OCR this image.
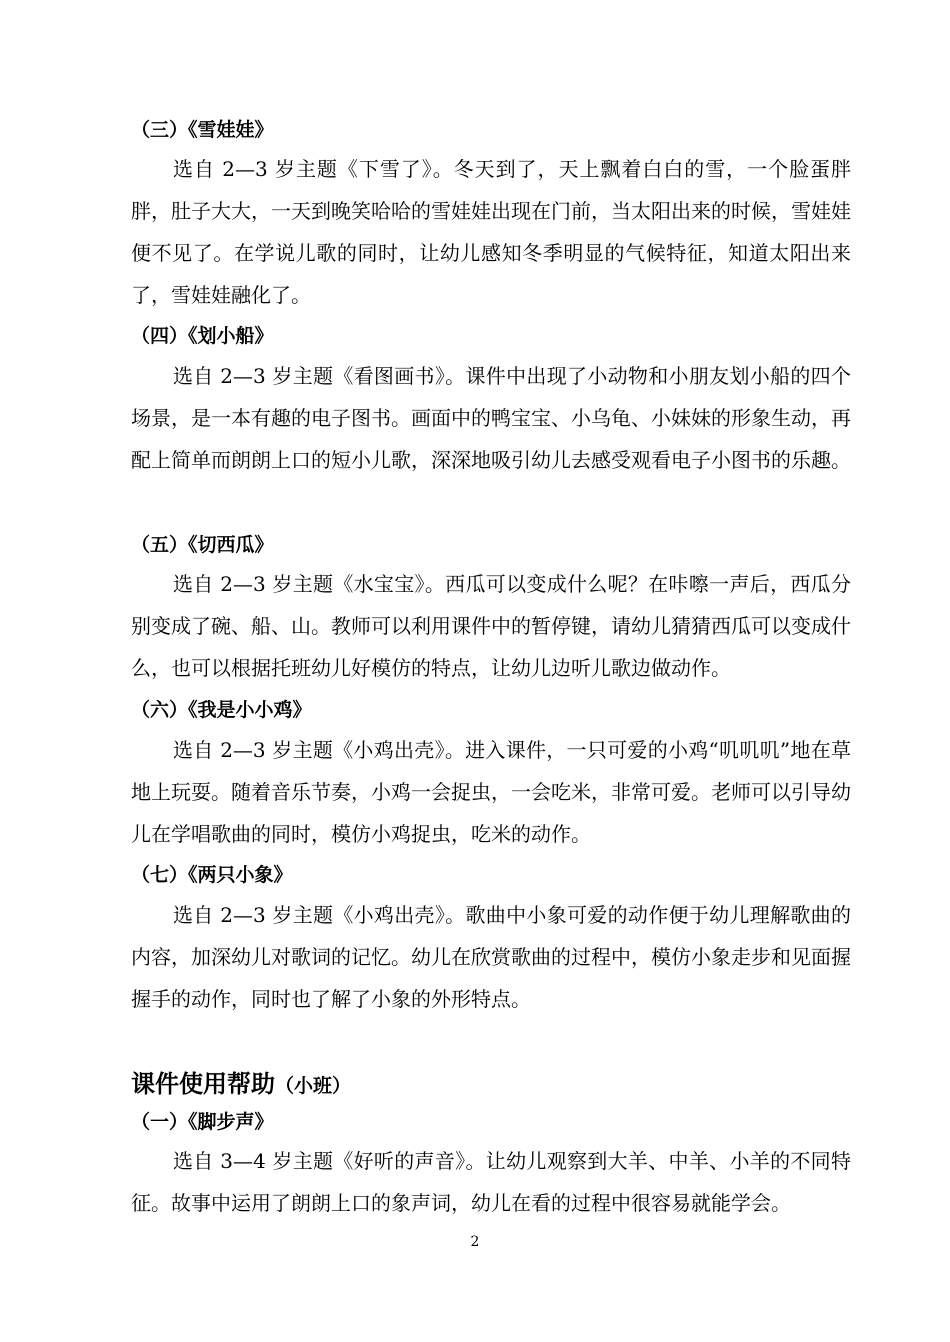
（三）《雪娃娃》
选自 2—3 岁主题《下雪了》。冬天到了，天上飘着白白的雪，一个脸蛋胖胖，肚子大大，一天到晚笑哈哈的雪娃娃出现在门前，当太阳出来的时候，雪娃娃便不见了。在学说儿歌的同时，让幼儿感知冬季明显的气候特征，知道太阳出来了，雪娃娃融化了。
（四）《划小船》
选自 2—3 岁主题《看图画书》。课件中出现了小动物和小朋友划小船的四个场景，是一本有趣的电子图书。画面中的鸭宝宝、小乌龟、小妹妹的形象生动，再配上简单而朗朗上口的短小儿歌，深深地吸引幼儿去感受观看电子小图书的乐趣。
（五）《切西瓜》
选自 2—3 岁主题《水宝宝》。西瓜可以变成什么呢？在咔嚓一声后，西瓜分别变成了碗、船、山。教师可以利用课件中的暂停键，请幼儿猜猜西瓜可以变成什么，也可以根据托班幼儿好模仿的特点，让幼儿边听儿歌边做动作。
（六）《我是小小鸡》
选自 2—3 岁主题《小鸡出壳》。进入课件，一只可爱的小鸡“叽叽叽”地在草地上玩耍。随着音乐节奏，小鸡一会捉虫，一会吃米，非常可爱。老师可以引导幼儿在学唱歌曲的同时，模仿小鸡捉虫，吃米的动作。
（七）《两只小象》
选自 2—3 岁主题《小鸡出壳》。歌曲中小象可爱的动作便于幼儿理解歌曲的内容，加深幼儿对歌词的记忆。幼儿在欣赏歌曲的过程中，模仿小象走步和见面握握手的动作，同时也了解了小象的外形特点。
课件使用帮助（小班）
（一）《脚步声》
选自 3—4 岁主题《好听的声音》。让幼儿观察到大羊、中羊、小羊的不同特征。故事中运用了朗朗上口的象声词，幼儿在看的过程中很容易就能学会。
2
